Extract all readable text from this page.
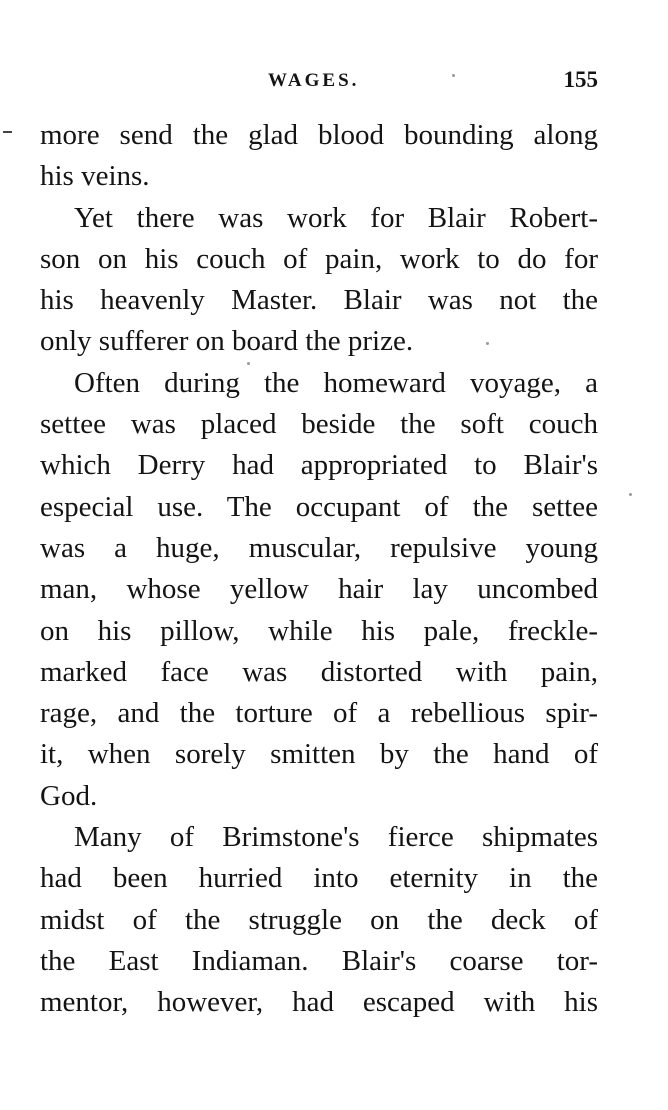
WAGES.	155
more send the glad blood bounding along
his veins.
Yet there was work for Blair Robert-
son on his couch of pain, work to do for
his heavenly Master. Blair was not the
only sufferer on board the prize.
Often during the homeward voyage, a
settee was placed beside the soft couch
which Derry had appropriated to Blair's
especial use. The occupant of the settee
was a huge, muscular, repulsive young
man, whose yellow hair lay uncombed
on his pillow, while his pale, freckle-
marked face was distorted with pain,
rage, and the torture of a rebellious spir-
it, when sorely smitten by the hand of
God.
Many of Brimstone's fierce shipmates
had been hurried into eternity in the
midst of the struggle on the deck of
the East Indiaman. Blair's coarse tor-
mentor, however, had escaped with his
